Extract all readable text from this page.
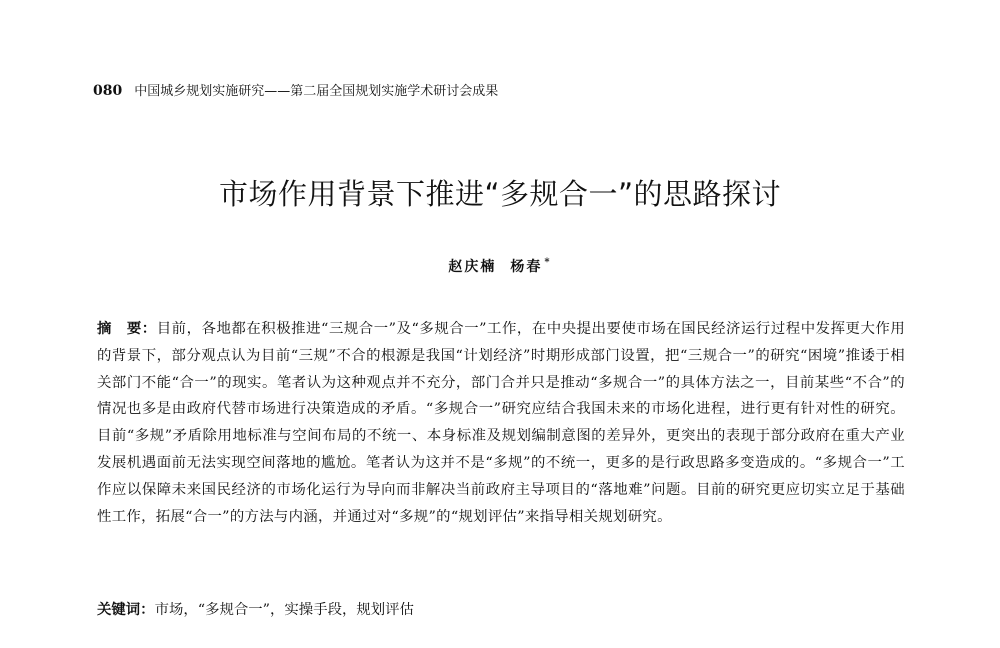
080 中国城乡规划实施研究——第二届全国规划实施学术研讨会成果
市场作用背景下推进“多规合一”的思路探讨
赵庆楠 杨春 *
摘　要：目前，各地都在积极推进“三规合一”及“多规合一”工作，在中央提出要使市场在国民经济运行过程中发挥更大作用的背景下，部分观点认为目前“三规”不合的根源是我国“计划经济”时期形成部门设置，把“三规合一”的研究“困境”推诿于相关部门不能“合一”的现实。笔者认为这种观点并不充分，部门合并只是推动“多规合一”的具体方法之一，目前某些“不合”的情况也多是由政府代替市场进行决策造成的矛盾。“多规合一”研究应结合我国未来的市场化进程，进行更有针对性的研究。目前“多规”矛盾除用地标准与空间布局的不统一、本身标准及规划编制意图的差异外，更突出的表现于部分政府在重大产业发展机遇面前无法实现空间落地的尴尬。笔者认为这并不是“多规”的不统一，更多的是行政思路多变造成的。“多规合一”工作应以保障未来国民经济的市场化运行为导向而非解决当前政府主导项目的“落地难”问题。目前的研究更应切实立足于基础性工作，拓展“合一”的方法与内涵，并通过对“多规”的“规划评估”来指导相关规划研究。
关键词：市场，“多规合一”，实操手段，规划评估
